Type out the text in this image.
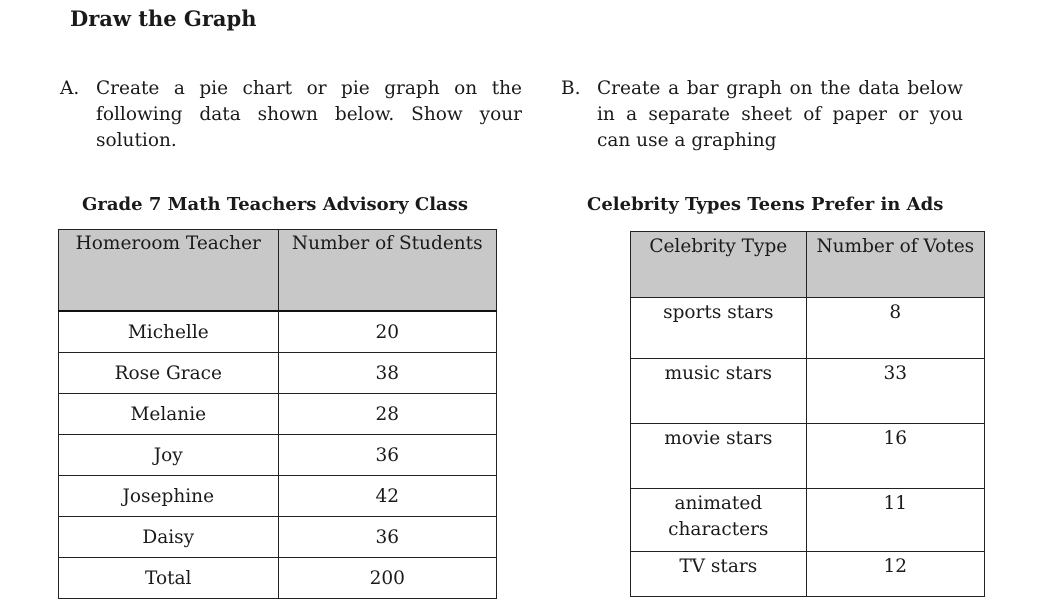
Draw the Graph
A. Create a pie chart or pie graph on the following data shown below. Show your solution.
B. Create a bar graph on the data below in a separate sheet of paper or you can use a graphing
Grade 7 Math Teachers Advisory Class
Homeroom Teacher	Number of Students
Michelle	20
Rose Grace	38
Melanie	28
Joy	36
Josephine	42
Daisy	36
Total	200
Celebrity Types Teens Prefer in Ads
Celebrity Type	Number of Votes
sports stars	8
music stars	33
movie stars	16
animated characters	11
TV stars	12
